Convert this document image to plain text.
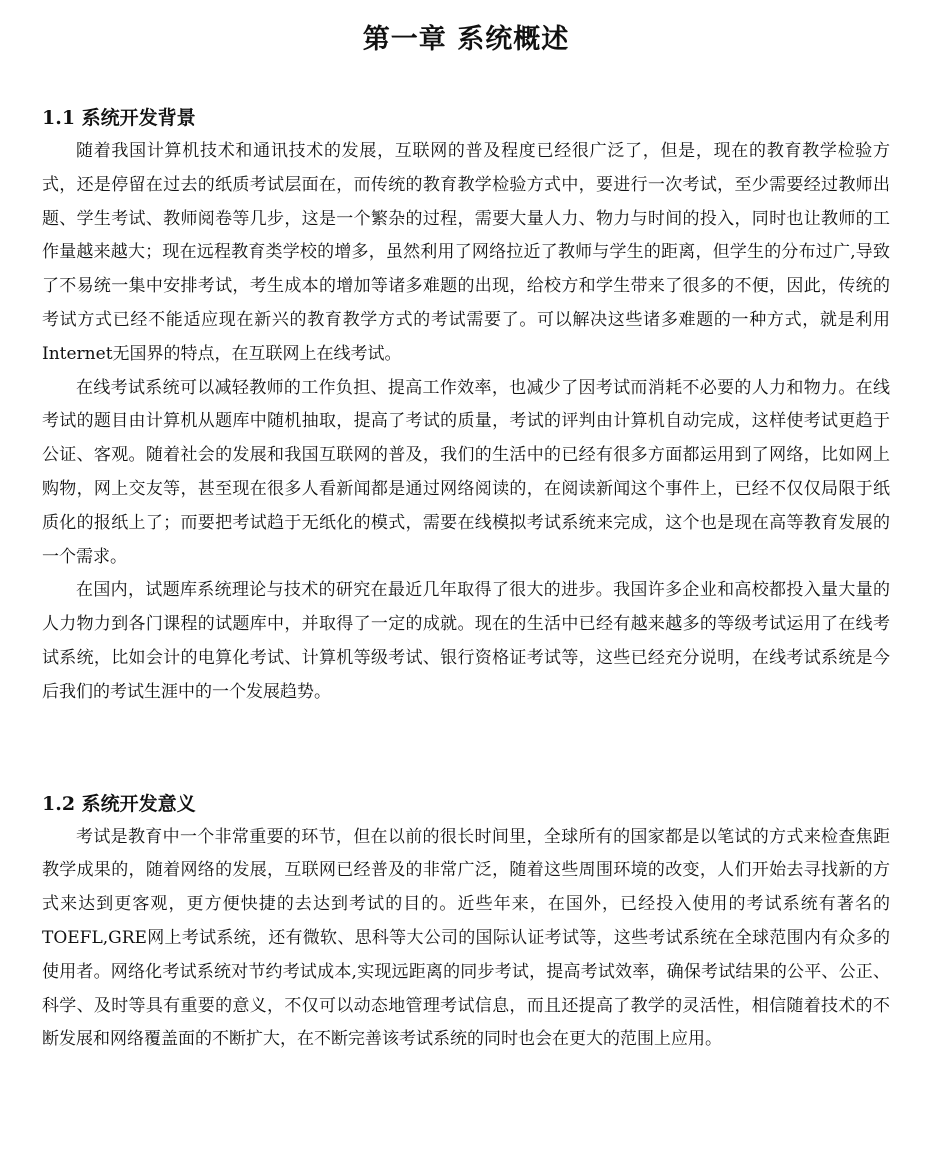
第一章 系统概述
1.1 系统开发背景

随着我国计算机技术和通讯技术的发展，互联网的普及程度已经很广泛了，但是，现在的教育教学检验方式，还是停留在过去的纸质考试层面在，而传统的教育教学检验方式中，要进行一次考试，至少需要经过教师出题、学生考试、教师阅卷等几步，这是一个繁杂的过程，需要大量人力、物力与时间的投入，同时也让教师的工作量越来越大；现在远程教育类学校的增多，虽然利用了网络拉近了教师与学生的距离，但学生的分布过广,导致了不易统一集中安排考试，考生成本的增加等诸多难题的出现，给校方和学生带来了很多的不便，因此，传统的考试方式已经不能适应现在新兴的教育教学方式的考试需要了。可以解决这些诸多难题的一种方式，就是利用Internet无国界的特点，在互联网上在线考试。

在线考试系统可以减轻教师的工作负担、提高工作效率，也减少了因考试而消耗不必要的人力和物力。在线考试的题目由计算机从题库中随机抽取，提高了考试的质量，考试的评判由计算机自动完成，这样使考试更趋于公证、客观。随着社会的发展和我国互联网的普及，我们的生活中的已经有很多方面都运用到了网络，比如网上购物，网上交友等，甚至现在很多人看新闻都是通过网络阅读的，在阅读新闻这个事件上，已经不仅仅局限于纸质化的报纸上了；而要把考试趋于无纸化的模式，需要在线模拟考试系统来完成，这个也是现在高等教育发展的一个需求。

在国内，试题库系统理论与技术的研究在最近几年取得了很大的进步。我国许多企业和高校都投入量大量的人力物力到各门课程的试题库中，并取得了一定的成就。现在的生活中已经有越来越多的等级考试运用了在线考试系统，比如会计的电算化考试、计算机等级考试、银行资格证考试等，这些已经充分说明，在线考试系统是今后我们的考试生涯中的一个发展趋势。

1.2 系统开发意义

考试是教育中一个非常重要的环节，但在以前的很长时间里，全球所有的国家都是以笔试的方式来检查焦距教学成果的，随着网络的发展，互联网已经普及的非常广泛，随着这些周围环境的改变，人们开始去寻找新的方式来达到更客观，更方便快捷的去达到考试的目的。近些年来，在国外，已经投入使用的考试系统有著名的TOEFL,GRE网上考试系统，还有微软、思科等大公司的国际认证考试等，这些考试系统在全球范围内有众多的使用者。网络化考试系统对节约考试成本,实现远距离的同步考试，提高考试效率，确保考试结果的公平、公正、科学、及时等具有重要的意义，不仅可以动态地管理考试信息，而且还提高了教学的灵活性，相信随着技术的不断发展和网络覆盖面的不断扩大，在不断完善该考试系统的同时也会在更大的范围上应用。
